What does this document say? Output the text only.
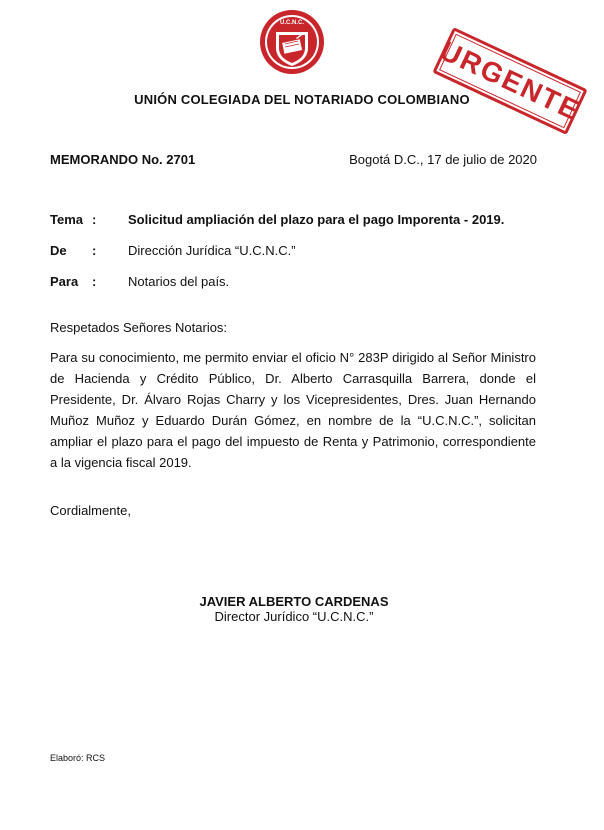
U.C.N.C.
URGENTE
UNIÓN COLEGIADA DEL NOTARIADO COLOMBIANO
MEMORANDO No. 2701	Bogotá D.C., 17 de julio de 2020
Tema : Solicitud ampliación del plazo para el pago Imporenta - 2019.
De	: Dirección Jurídica “U.C.N.C.”
Para	: Notarios del país.
Respetados Señores Notarios:
Para su conocimiento, me permito enviar el oficio N° 283P dirigido al Señor Ministro de Hacienda y Crédito Público, Dr. Alberto Carrasquilla Barrera, donde el Presidente, Dr. Álvaro Rojas Charry y los Vicepresidentes, Dres. Juan Hernando Muñoz Muñoz y Eduardo Durán Gómez, en nombre de la “U.C.N.C.”, solicitan ampliar el plazo para el pago del impuesto de Renta y Patrimonio, correspondiente a la vigencia fiscal 2019.
Cordialmente,
JAVIER ALBERTO CARDENAS
Director Jurídico “U.C.N.C.”
Elaboró: RCS
